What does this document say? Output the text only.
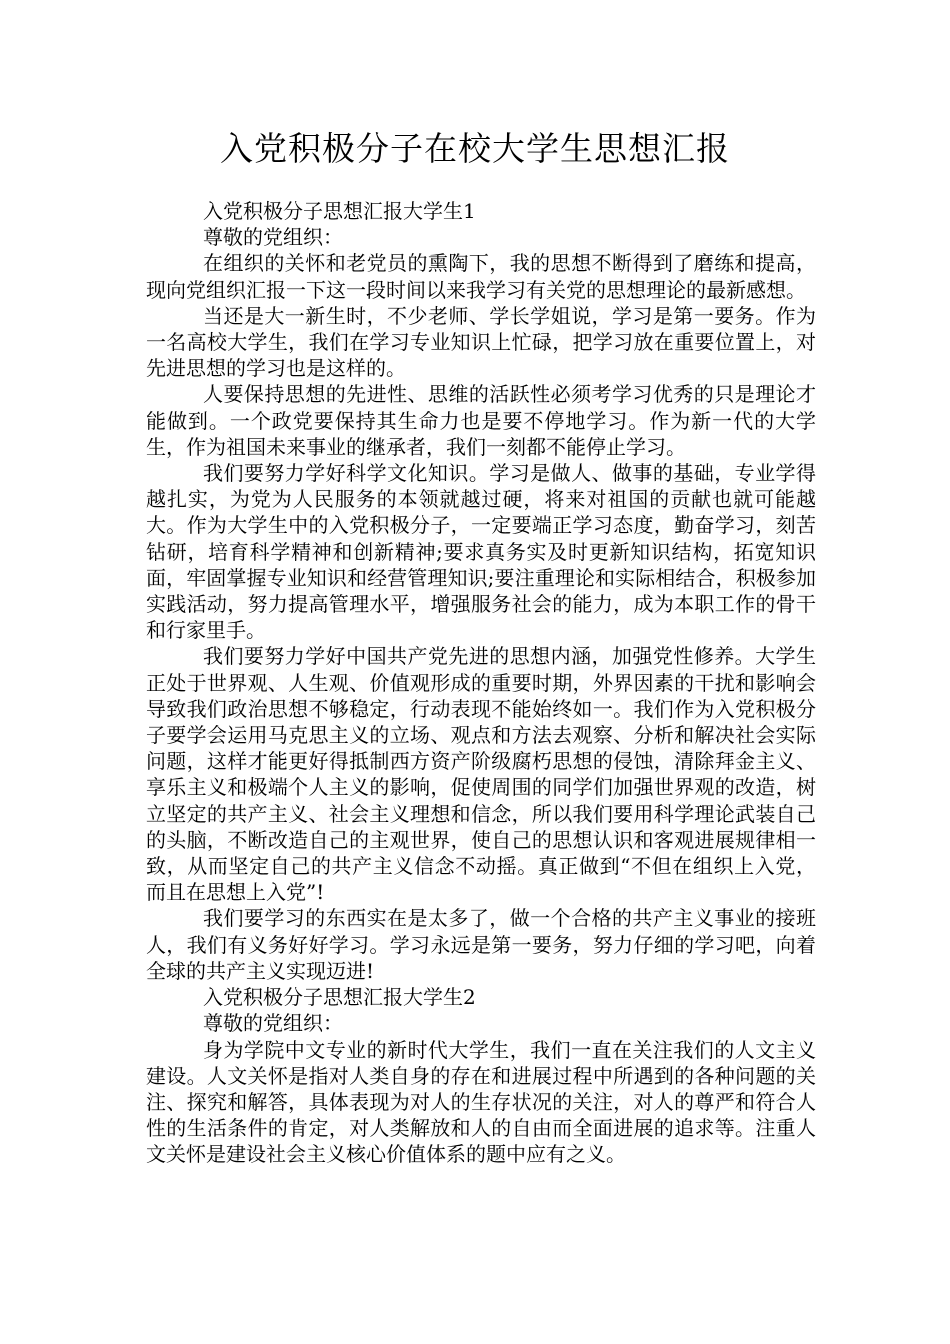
入党积极分子在校大学生思想汇报

入党积极分子思想汇报大学生1

尊敬的党组织：

在组织的关怀和老党员的熏陶下，我的思想不断得到了磨练和提高，现向党组织汇报一下这一段时间以来我学习有关党的思想理论的最新感想。

当还是大一新生时，不少老师、学长学姐说，学习是第一要务。作为一名高校大学生，我们在学习专业知识上忙碌，把学习放在重要位置上，对先进思想的学习也是这样的。

人要保持思想的先进性、思维的活跃性必须考学习优秀的只是理论才能做到。一个政党要保持其生命力也是要不停地学习。作为新一代的大学生，作为祖国未来事业的继承者，我们一刻都不能停止学习。

我们要努力学好科学文化知识。学习是做人、做事的基础，专业学得越扎实，为党为人民服务的本领就越过硬，将来对祖国的贡献也就可能越大。作为大学生中的入党积极分子，一定要端正学习态度，勤奋学习，刻苦钻研，培育科学精神和创新精神;要求真务实及时更新知识结构，拓宽知识面，牢固掌握专业知识和经营管理知识;要注重理论和实际相结合，积极参加实践活动，努力提高管理水平，增强服务社会的能力，成为本职工作的骨干和行家里手。

我们要努力学好中国共产党先进的思想内涵，加强党性修养。大学生正处于世界观、人生观、价值观形成的重要时期，外界因素的干扰和影响会导致我们政治思想不够稳定，行动表现不能始终如一。我们作为入党积极分子要学会运用马克思主义的立场、观点和方法去观察、分析和解决社会实际问题，这样才能更好得抵制西方资产阶级腐朽思想的侵蚀，清除拜金主义、享乐主义和极端个人主义的影响，促使周围的同学们加强世界观的改造，树立坚定的共产主义、社会主义理想和信念，所以我们要用科学理论武装自己的头脑，不断改造自己的主观世界，使自己的思想认识和客观进展规律相一致，从而坚定自己的共产主义信念不动摇。真正做到“不但在组织上入党，而且在思想上入党”!

我们要学习的东西实在是太多了，做一个合格的共产主义事业的接班人，我们有义务好好学习。学习永远是第一要务，努力仔细的学习吧，向着全球的共产主义实现迈进!

入党积极分子思想汇报大学生2

尊敬的党组织：

身为学院中文专业的新时代大学生，我们一直在关注我们的人文主义建设。人文关怀是指对人类自身的存在和进展过程中所遇到的各种问题的关注、探究和解答，具体表现为对人的生存状况的关注，对人的尊严和符合人性的生活条件的肯定，对人类解放和人的自由而全面进展的追求等。注重人文关怀是建设社会主义核心价值体系的题中应有之义。
